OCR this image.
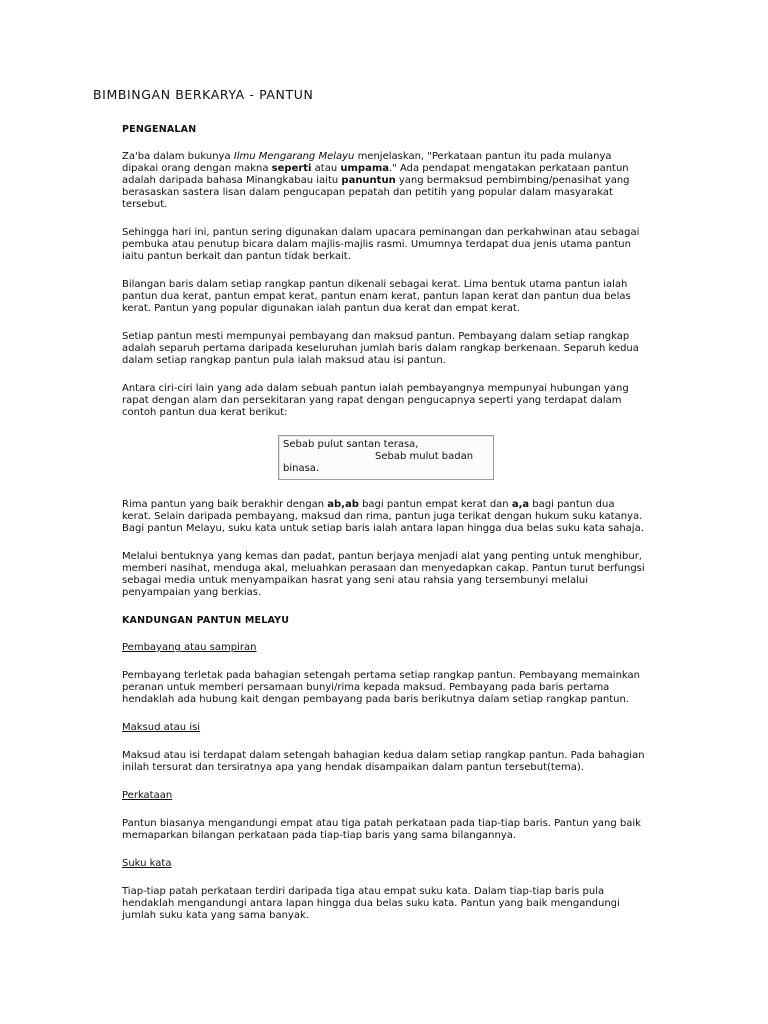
BIMBINGAN BERKARYA - PANTUN

PENGENALAN

Za'ba dalam bukunya Ilmu Mengarang Melayu menjelaskan, "Perkataan pantun itu pada mulanya dipakai orang dengan makna seperti atau umpama." Ada pendapat mengatakan perkataan pantun adalah daripada bahasa Minangkabau iaitu panuntun yang bermaksud pembimbing/penasihat yang berasaskan sastera lisan dalam pengucapan pepatah dan petitih yang popular dalam masyarakat tersebut.

Sehingga hari ini, pantun sering digunakan dalam upacara peminangan dan perkahwinan atau sebagai pembuka atau penutup bicara dalam majlis-majlis rasmi. Umumnya terdapat dua jenis utama pantun iaitu pantun berkait dan pantun tidak berkait.

Bilangan baris dalam setiap rangkap pantun dikenali sebagai kerat. Lima bentuk utama pantun ialah pantun dua kerat, pantun empat kerat, pantun enam kerat, pantun lapan kerat dan pantun dua belas kerat. Pantun yang popular digunakan ialah pantun dua kerat dan empat kerat.

Setiap pantun mesti mempunyai pembayang dan maksud pantun. Pembayang dalam setiap rangkap adalah separuh pertama daripada keseluruhan jumlah baris dalam rangkap berkenaan. Separuh kedua dalam setiap rangkap pantun pula ialah maksud atau isi pantun.

Antara ciri-ciri lain yang ada dalam sebuah pantun ialah pembayangnya mempunyai hubungan yang rapat dengan alam dan persekitaran yang rapat dengan pengucapnya seperti yang terdapat dalam contoh pantun dua kerat berikut:

Sebab pulut santan terasa,
Sebab mulut badan
binasa.

Rima pantun yang baik berakhir dengan ab,ab bagi pantun empat kerat dan a,a bagi pantun dua kerat. Selain daripada pembayang, maksud dan rima, pantun juga terikat dengan hukum suku katanya. Bagi pantun Melayu, suku kata untuk setiap baris ialah antara lapan hingga dua belas suku kata sahaja.

Melalui bentuknya yang kemas dan padat, pantun berjaya menjadi alat yang penting untuk menghibur, memberi nasihat, menduga akal, meluahkan perasaan dan menyedapkan cakap. Pantun turut berfungsi sebagai media untuk menyampaikan hasrat yang seni atau rahsia yang tersembunyi melalui penyampaian yang berkias.

KANDUNGAN PANTUN MELAYU

Pembayang atau sampiran

Pembayang terletak pada bahagian setengah pertama setiap rangkap pantun. Pembayang memainkan peranan untuk memberi persamaan bunyi/rima kepada maksud. Pembayang pada baris pertama hendaklah ada hubung kait dengan pembayang pada baris berikutnya dalam setiap rangkap pantun.

Maksud atau isi

Maksud atau isi terdapat dalam setengah bahagian kedua dalam setiap rangkap pantun. Pada bahagian inilah tersurat dan tersiratnya apa yang hendak disampaikan dalam pantun tersebut(tema).

Perkataan

Pantun biasanya mengandungi empat atau tiga patah perkataan pada tiap-tiap baris. Pantun yang baik memaparkan bilangan perkataan pada tiap-tiap baris yang sama bilangannya.

Suku kata

Tiap-tiap patah perkataan terdiri daripada tiga atau empat suku kata. Dalam tiap-tiap baris pula hendaklah mengandungi antara lapan hingga dua belas suku kata. Pantun yang baik mengandungi jumlah suku kata yang sama banyak.
